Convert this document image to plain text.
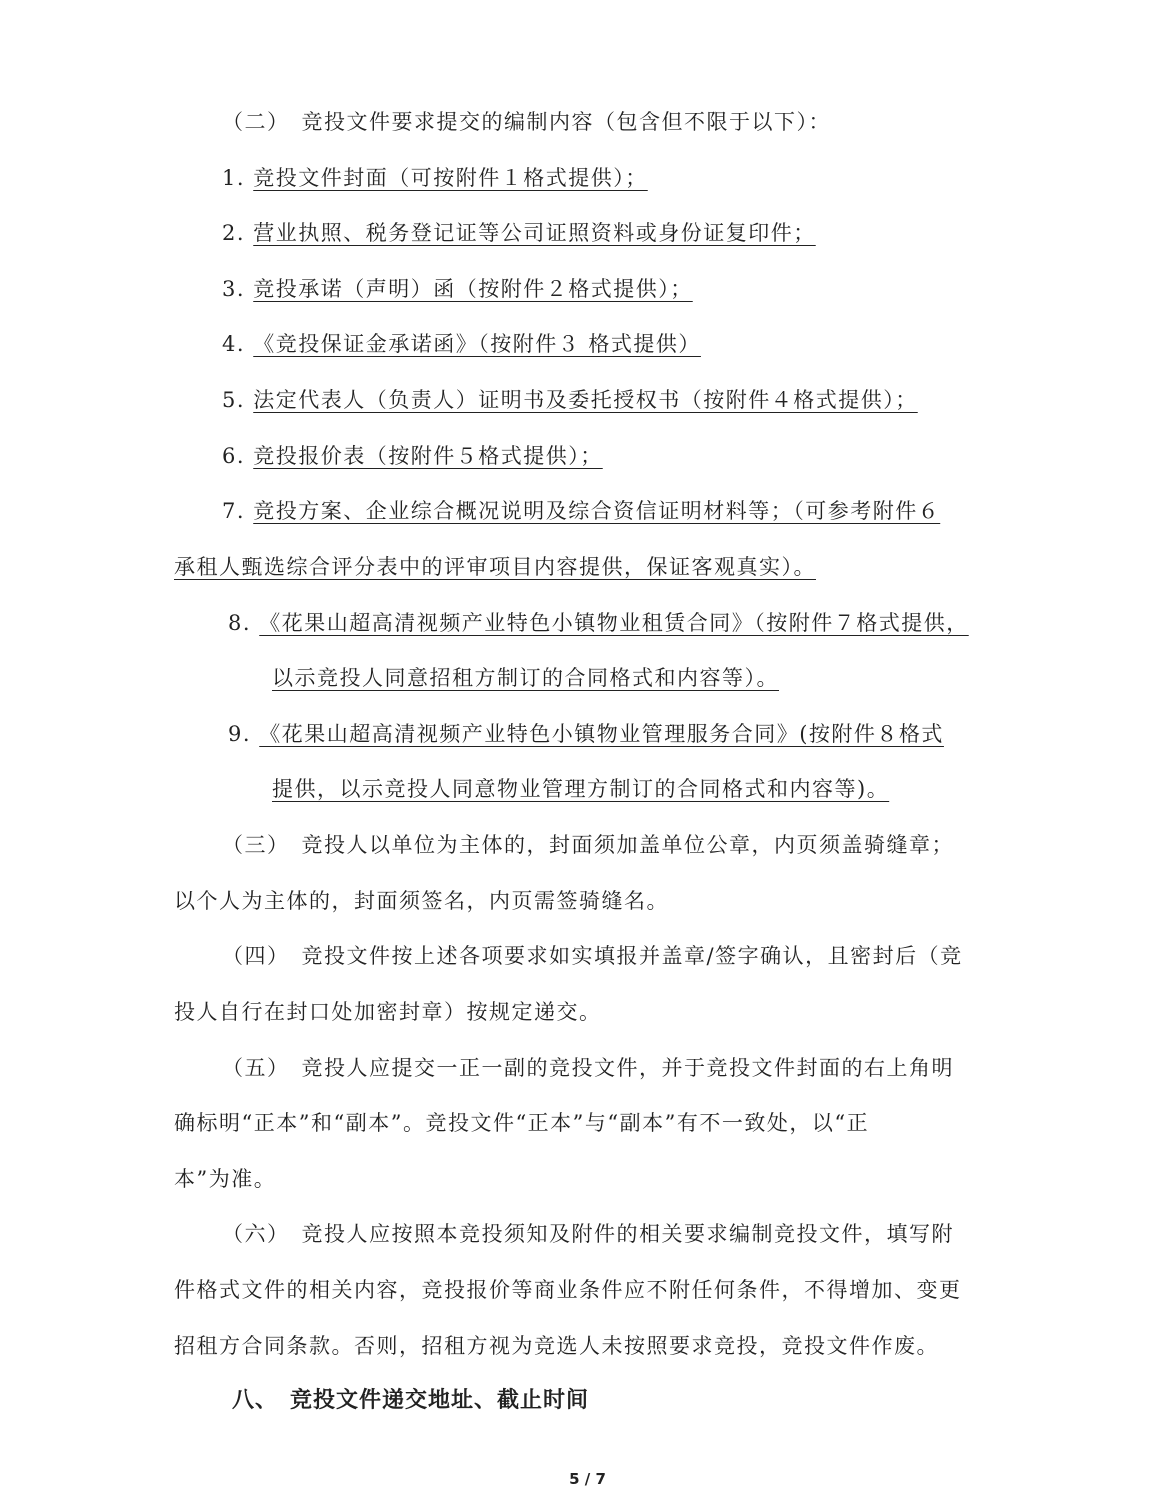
（二）　竞投文件要求提交的编制内容（包含但不限于以下）：
1. 竞投文件封面（可按附件１格式提供）；
2. 营业执照、税务登记证等公司证照资料或身份证复印件；
3. 竞投承诺（声明）函（按附件２格式提供）；
4. 《竞投保证金承诺函》（按附件３ 格式提供）
5. 法定代表人（负责人）证明书及委托授权书（按附件４格式提供）；
6. 竞投报价表（按附件５格式提供）；
7. 竞投方案、企业综合概况说明及综合资信证明材料等；（可参考附件６
承租人甄选综合评分表中的评审项目内容提供，保证客观真实）。
8. 《花果山超高清视频产业特色小镇物业租赁合同》（按附件７格式提供，
以示竞投人同意招租方制订的合同格式和内容等）。
9. 《花果山超高清视频产业特色小镇物业管理服务合同》(按附件８格式
提供，以示竞投人同意物业管理方制订的合同格式和内容等)。
（三）　竞投人以单位为主体的，封面须加盖单位公章，内页须盖骑缝章；
以个人为主体的，封面须签名，内页需签骑缝名。
（四）　竞投文件按上述各项要求如实填报并盖章/签字确认，且密封后（竞
投人自行在封口处加密封章）按规定递交。
（五）　竞投人应提交一正一副的竞投文件，并于竞投文件封面的右上角明
确标明“正本”和“副本”。竞投文件“正本”与“副本”有不一致处，以“正
本”为准。
（六）　竞投人应按照本竞投须知及附件的相关要求编制竞投文件，填写附
件格式文件的相关内容，竞投报价等商业条件应不附任何条件，不得增加、变更
招租方合同条款。否则，招租方视为竞选人未按照要求竞投，竞投文件作废。
八、　竞投文件递交地址、截止时间
5 / 7
